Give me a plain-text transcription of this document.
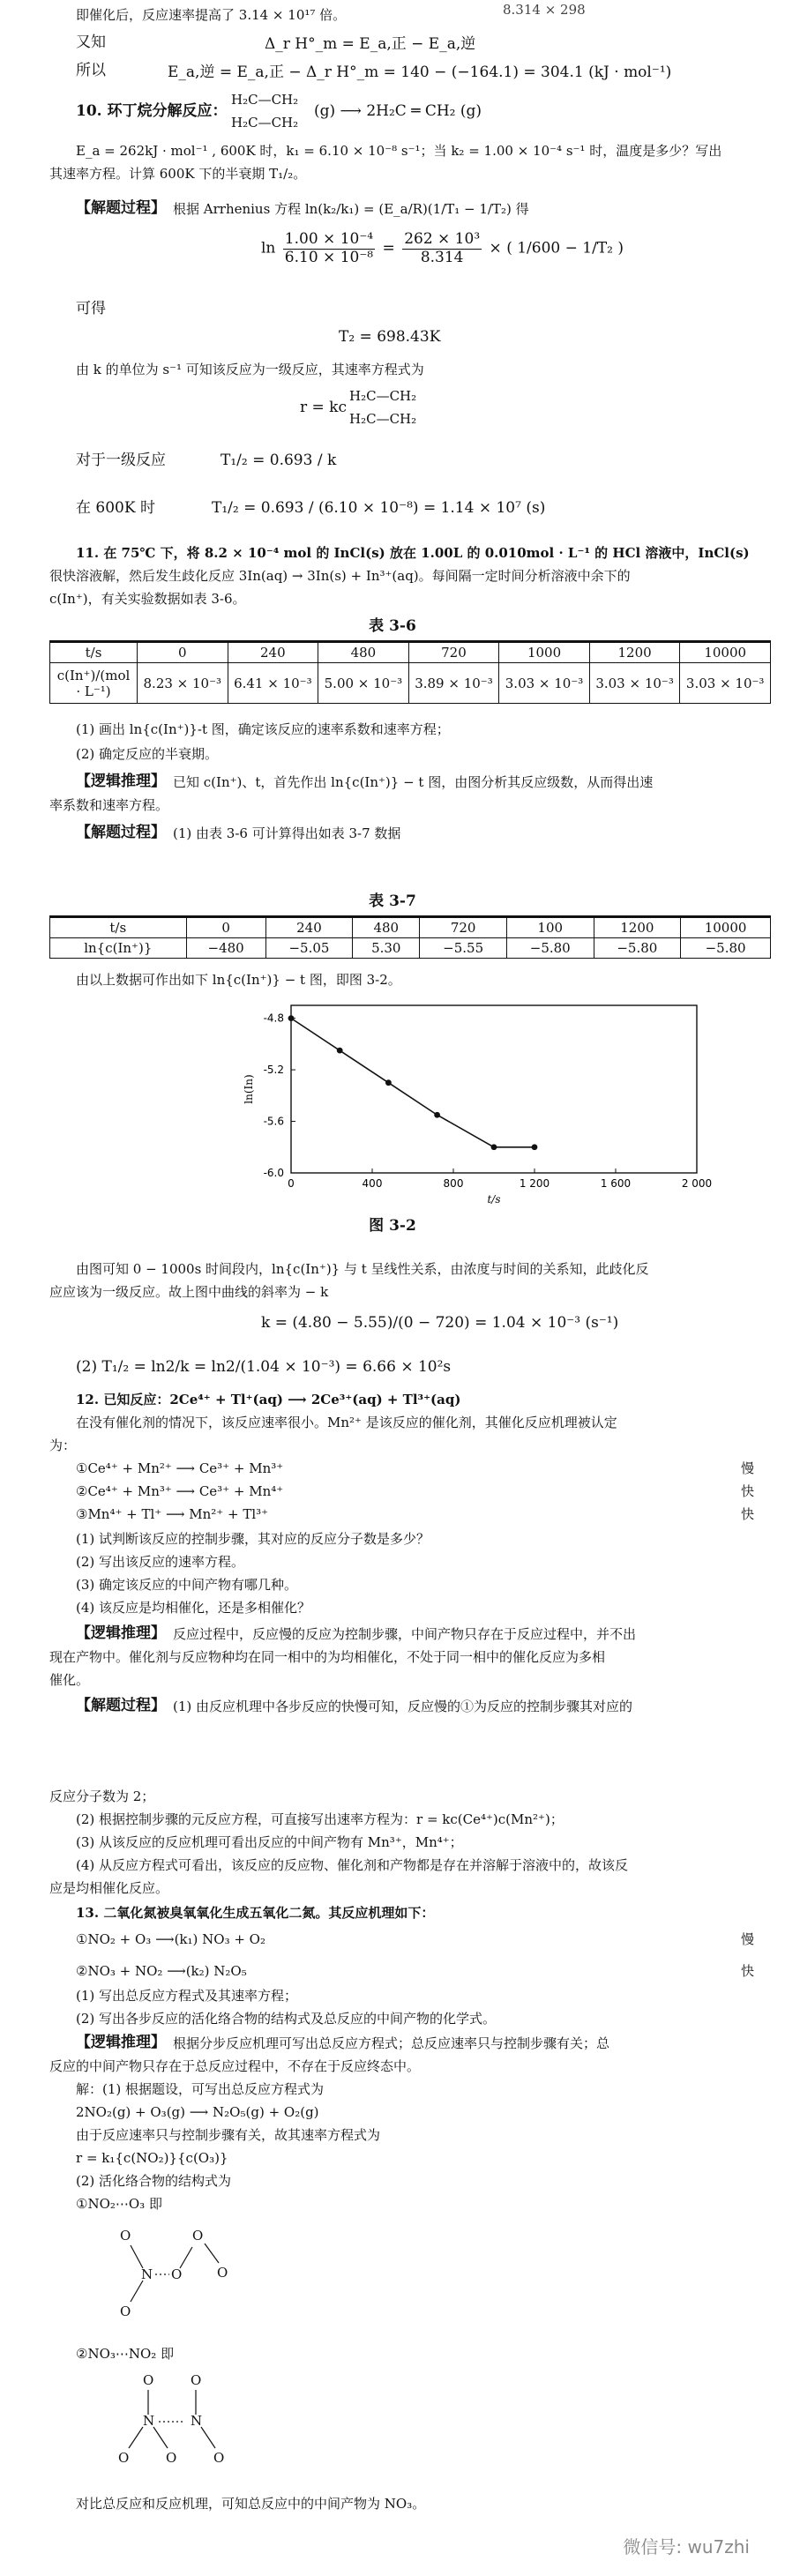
即催化后，反应速率提高了 3.14 × 10¹⁷ 倍。	8.314 × 298
又知	Δ_r H°_m = E_a,正 − E_a,逆
所以	E_a,逆 = E_a,正 − Δ_r H°_m = 140 − (−164.1) = 304.1 (kJ · mol⁻¹)
10. 环丁烷分解反应：
H₂C—CH₂
H₂C—CH₂
(g) ⟶ 2H₂C ═ CH₂ (g)
E_a = 262kJ · mol⁻¹ , 600K 时，k₁ = 6.10 × 10⁻⁸ s⁻¹；当 k₂ = 1.00 × 10⁻⁴ s⁻¹ 时，温度是多少？写出
其速率方程。计算 600K 下的半衰期 T₁/₂。
【解题过程】 根据 Arrhenius 方程 ln(k₂/k₁) = (E_a/R)(1/T₁ − 1/T₂) 得
$\ln \frac{\text{1.00 × 10⁻⁴}}{\text{6.10 × 10⁻⁸}} = \frac{\text{262 × 10³}}{8.314}$ × ( 1/600 − 1/T₂ )
可得
T₂ = 698.43K
由 k 的单位为 s⁻¹ 可知该反应为一级反应，其速率方程式为
r = kc
H₂C—CH₂
H₂C—CH₂
对于一级反应	T₁/₂ = 0.693 / k
在 600K 时	T₁/₂ = 0.693 / (6.10 × 10⁻⁸) = 1.14 × 10⁷ (s)
11. 在 75℃ 下，将 8.2 × 10⁻⁴ mol 的 InCl(s) 放在 1.00L 的 0.010mol · L⁻¹ 的 HCl 溶液中，InCl(s)
很快溶液解，然后发生歧化反应 3In(aq) → 3In(s) + In³⁺(aq)。每间隔一定时间分析溶液中余下的
c(In⁺)，有关实验数据如表 3-6。
表 3-6
t/s	0	240	480	720	1000	1200	10000
c(In⁺)/(mol · L⁻¹)	8.23 × 10⁻³	6.41 × 10⁻³	5.00 × 10⁻³	3.89 × 10⁻³	3.03 × 10⁻³	3.03 × 10⁻³	3.03 × 10⁻³
(1) 画出 ln{c(In⁺)}-t 图，确定该反应的速率系数和速率方程；
(2) 确定反应的半衰期。
【逻辑推理】 已知 c(In⁺)、t，首先作出 ln{c(In⁺)} − t 图，由图分析其反应级数，从而得出速
率系数和速率方程。
【解题过程】 (1) 由表 3-6 可计算得出如表 3-7 数据
表 3-7
t/s	0	240	480	720	100	1200	10000
ln{c(In⁺)}	−480	−5.05	5.30	−5.55	−5.80	−5.80	−5.80
由以上数据可作出如下 ln{c(In⁺)} − t 图，即图 3-2。
0	400	800	1 200	1 600	2 000
-4.8
-5.2
-5.6
-6.0
t/s
ln(In)
图 3-2
由图可知 0 − 1000s 时间段内，ln{c(In⁺)} 与 t 呈线性关系，由浓度与时间的关系知，此歧化反
应应该为一级反应。故上图中曲线的斜率为 − k
k = (4.80 − 5.55)/(0 − 720) = 1.04 × 10⁻³ (s⁻¹)
(2) T₁/₂ = ln2/k = ln2/(1.04 × 10⁻³) = 6.66 × 10²s
12. 已知反应：2Ce⁴⁺ + Tl⁺(aq) ⟶ 2Ce³⁺(aq) + Tl³⁺(aq)
在没有催化剂的情况下，该反应速率很小。Mn²⁺ 是该反应的催化剂，其催化反应机理被认定
为：
①Ce⁴⁺ + Mn²⁺ ⟶ Ce³⁺ + Mn³⁺	慢
②Ce⁴⁺ + Mn³⁺ ⟶ Ce³⁺ + Mn⁴⁺	快
③Mn⁴⁺ + Tl⁺ ⟶ Mn²⁺ + Tl³⁺	快
(1) 试判断该反应的控制步骤，其对应的反应分子数是多少？
(2) 写出该反应的速率方程。
(3) 确定该反应的中间产物有哪几种。
(4) 该反应是均相催化，还是多相催化？
【逻辑推理】 反应过程中，反应慢的反应为控制步骤，中间产物只存在于反应过程中，并不出
现在产物中。催化剂与反应物种均在同一相中的为均相催化，不处于同一相中的催化反应为多相
催化。
【解题过程】 (1) 由反应机理中各步反应的快慢可知，反应慢的①为反应的控制步骤其对应的
反应分子数为 2；
(2) 根据控制步骤的元反应方程，可直接写出速率方程为：r = kc(Ce⁴⁺)c(Mn²⁺)；
(3) 从该反应的反应机理可看出反应的中间产物有 Mn³⁺，Mn⁴⁺；
(4) 从反应方程式可看出，该反应的反应物、催化剂和产物都是存在并溶解于溶液中的，故该反
应是均相催化反应。
13. 二氧化氮被臭氧氧化生成五氧化二氮。其反应机理如下：
①NO₂ + O₃ ⟶(k₁) NO₃ + O₂	慢
②NO₃ + NO₂ ⟶(k₂) N₂O₅	快
(1) 写出总反应方程式及其速率方程；
(2) 写出各步反应的活化络合物的结构式及总反应的中间产物的化学式。
【逻辑推理】 根据分步反应机理可写出总反应方程式；总反应速率只与控制步骤有关；总
反应的中间产物只存在于总反应过程中，不存在于反应终态中。
解：(1) 根据题设，可写出总反应方程式为
2NO₂(g) + O₃(g) ⟶ N₂O₅(g) + O₂(g)
由于反应速率只与控制步骤有关，故其速率方程式为
r = k₁{c(NO₂)}{c(O₃)}
(2) 活化络合物的结构式为
①NO₂⋯O₃ 即
O
N
O
O
O
O
②NO₃⋯NO₂ 即
O
N
O	O
O
N
O
对比总反应和反应机理，可知总反应中的中间产物为 NO₃。
微信号: wu7zhi
